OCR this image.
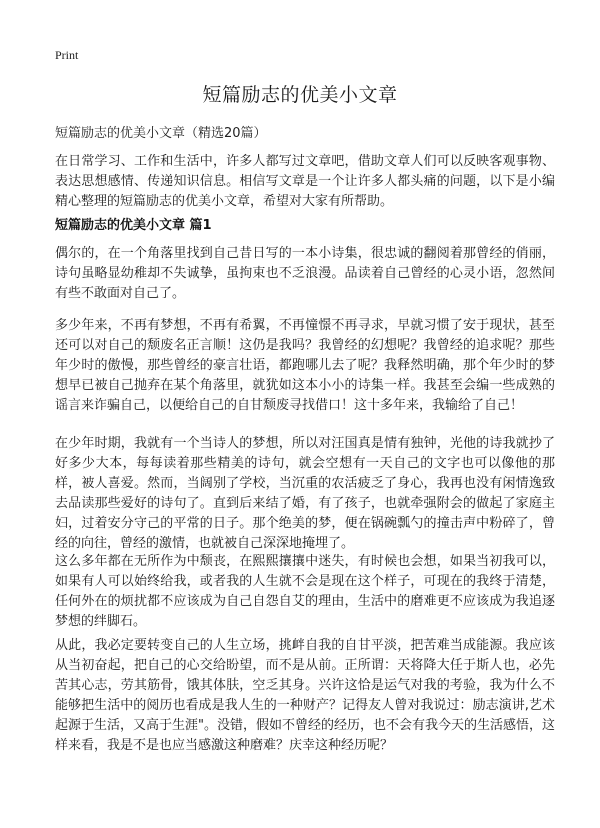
Print
短篇励志的优美小文章
短篇励志的优美小文章（精选20篇）

在日常学习、工作和生活中，许多人都写过文章吧，借助文章人们可以反映客观事物、表达思想感情、传递知识信息。相信写文章是一个让许多人都头痛的问题，以下是小编精心整理的短篇励志的优美小文章，希望对大家有所帮助。

短篇励志的优美小文章 篇1

偶尔的，在一个角落里找到自己昔日写的一本小诗集，很忠诚的翻阅着那曾经的俏丽，诗句虽略显幼稚却不失诚挚，虽拘束也不乏浪漫。品读着自己曾经的心灵小语，忽然间有些不敢面对自己了。

多少年来，不再有梦想，不再有希翼，不再憧憬不再寻求，早就习惯了安于现状，甚至还可以对自己的颓废名正言顺！这仍是我吗？我曾经的幻想呢？我曾经的追求呢？那些年少时的傲慢，那些曾经的豪言壮语，都跑哪儿去了呢？我释然明确，那个年少时的梦想早已被自己抛弃在某个角落里，就犹如这本小小的诗集一样。我甚至会编一些成熟的谣言来诈骗自己，以便给自己的自甘颓废寻找借口！这十多年来，我输给了自己！

在少年时期，我就有一个当诗人的梦想，所以对汪国真是情有独钟，光他的诗我就抄了好多少大本，每每读着那些精美的诗句，就会空想有一天自己的文字也可以像他的那样，被人喜爱。然而，当阔别了学校，当沉重的农活疲乏了身心，我再也没有闲情逸致去品读那些爱好的诗句了。直到后来结了婚，有了孩子，也就牵强附会的做起了家庭主妇，过着安分守己的平常的日子。那个绝美的梦，便在锅碗瓢勺的撞击声中粉碎了，曾经的向往，曾经的激情，也就被自己深深地掩埋了。

这么多年都在无所作为中颓丧，在熙熙攘攘中迷失，有时候也会想，如果当初我可以，如果有人可以始终给我，或者我的人生就不会是现在这个样子，可现在的我终于清楚，任何外在的烦扰都不应该成为自己自怨自艾的理由，生活中的磨难更不应该成为我追逐梦想的绊脚石。

从此，我必定要转变自己的人生立场，挑衅自我的自甘平淡，把苦难当成能源。我应该从当初奋起，把自己的心交给盼望，而不是从前。正所谓：天将降大任于斯人也，必先苦其心志，劳其筋骨，饿其体肤，空乏其身。兴许这恰是运气对我的考验，我为什么不能够把生活中的阅历也看成是我人生的一种财产？记得友人曾对我说过：励志演讲,艺术起源于生活，又高于生涯"。没错，假如不曾经的经历，也不会有我今天的生活感悟，这样来看，我是不是也应当感激这种磨难？庆幸这种经历呢？
